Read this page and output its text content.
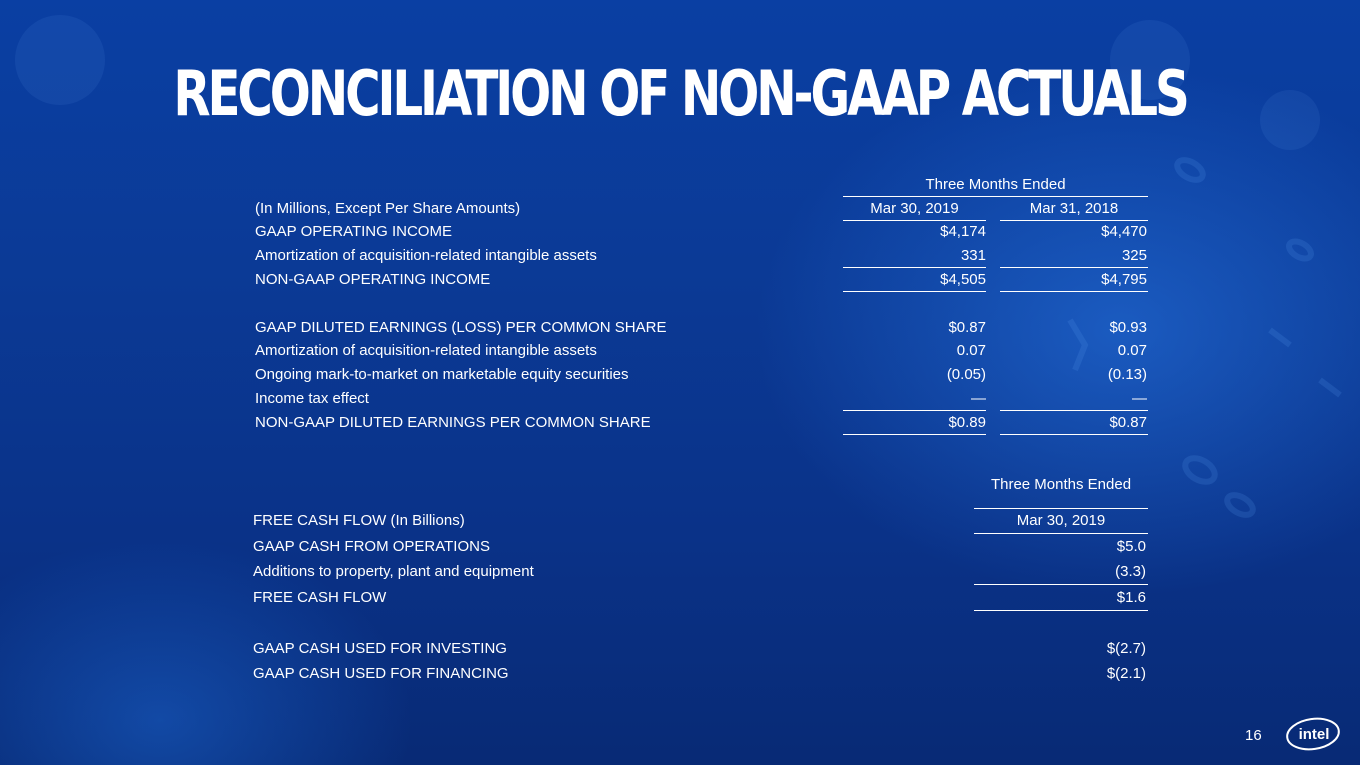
RECONCILIATION OF NON-GAAP ACTUALS
Three Months Ended
(In Millions, Except Per Share Amounts)	Mar 30, 2019	Mar 31, 2018
GAAP OPERATING INCOME	$4,174	$4,470
Amortization of acquisition-related intangible assets	331	325
NON-GAAP OPERATING INCOME	$4,505	$4,795
GAAP DILUTED EARNINGS (LOSS) PER COMMON SHARE	$0.87	$0.93
Amortization of acquisition-related intangible assets	0.07	0.07
Ongoing mark-to-market on marketable equity securities	(0.05)	(0.13)
Income tax effect	—	—
NON-GAAP DILUTED EARNINGS PER COMMON SHARE	$0.89	$0.87
Three Months Ended
FREE CASH FLOW (In Billions)	Mar 30, 2019
GAAP CASH FROM OPERATIONS	$5.0
Additions to property, plant and equipment	(3.3)
FREE CASH FLOW	$1.6
GAAP CASH USED FOR INVESTING	$(2.7)
GAAP CASH USED FOR FINANCING	$(2.1)
16 intel
